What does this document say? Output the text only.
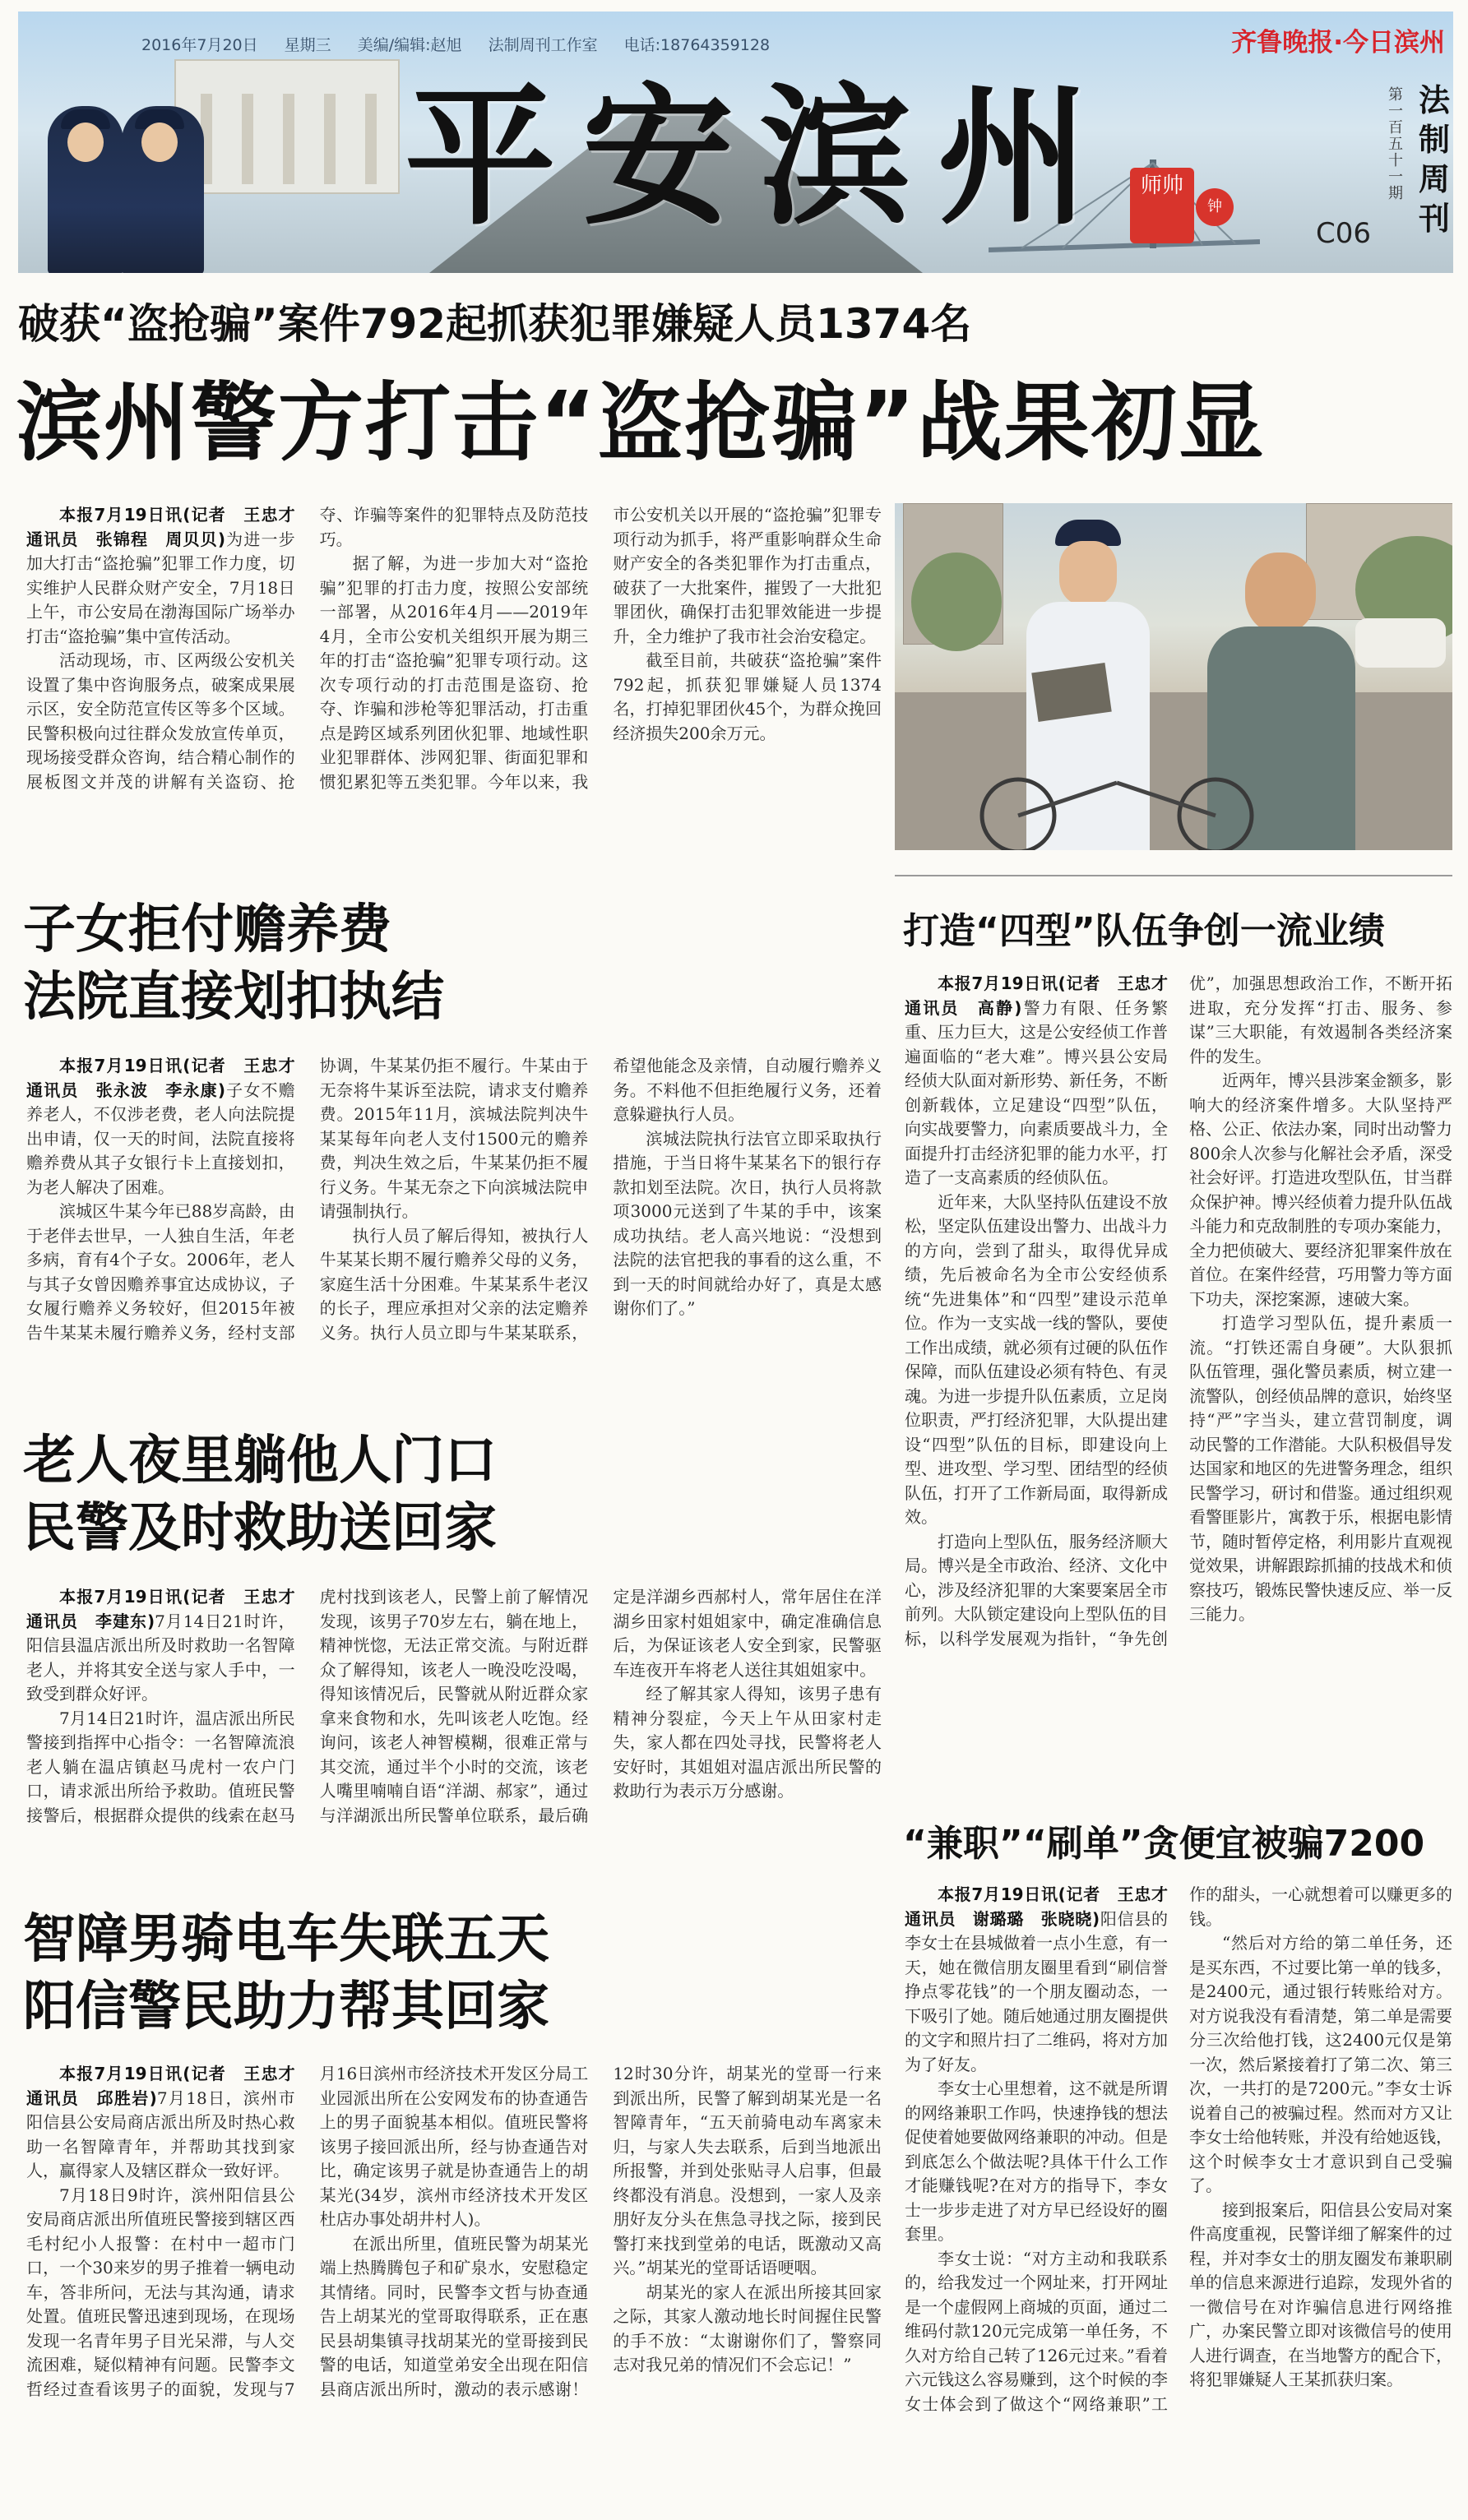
2016年7月20日 星期三 美编/编辑:赵旭 法制周刊工作室 电话:18764359128
平安滨州	师帅
钟
齐鲁晚报·今日滨州
法制周刊
第一百五十一期
C06
破获“盗抢骗”案件792起抓获犯罪嫌疑人员1374名
滨州警方打击“盗抢骗”战果初显

本报7月19日讯(记者　王忠才　通讯员　张锦程　周贝贝)为进一步加大打击“盗抢骗”犯罪工作力度，切实维护人民群众财产安全，7月18日上午，市公安局在渤海国际广场举办打击“盗抢骗”集中宣传活动。

活动现场，市、区两级公安机关设置了集中咨询服务点，破案成果展示区，安全防范宣传区等多个区域。民警积极向过往群众发放宣传单页，现场接受群众咨询，结合精心制作的展板图文并茂的讲解有关盗窃、抢夺、诈骗等案件的犯罪特点及防范技巧。

据了解，为进一步加大对“盗抢骗”犯罪的打击力度，按照公安部统一部署，从2016年4月——2019年4月，全市公安机关组织开展为期三年的打击“盗抢骗”犯罪专项行动。这次专项行动的打击范围是盗窃、抢夺、诈骗和涉枪等犯罪活动，打击重点是跨区域系列团伙犯罪、地域性职业犯罪群体、涉网犯罪、街面犯罪和惯犯累犯等五类犯罪。今年以来，我市公安机关以开展的“盗抢骗”犯罪专项行动为抓手，将严重影响群众生命财产安全的各类犯罪作为打击重点，破获了一大批案件，摧毁了一大批犯罪团伙，确保打击犯罪效能进一步提升，全力维护了我市社会治安稳定。

截至目前，共破获“盗抢骗”案件792起，抓获犯罪嫌疑人员1374名，打掉犯罪团伙45个，为群众挽回经济损失200余万元。

子女拒付赡养费
法院直接划扣执结

本报7月19日讯(记者　王忠才　通讯员　张永波　李永康)子女不赡养老人，不仅涉老费，老人向法院提出申请，仅一天的时间，法院直接将赡养费从其子女银行卡上直接划扣，为老人解决了困难。

滨城区牛某今年已88岁高龄，由于老伴去世早，一人独自生活，年老多病，育有4个子女。2006年，老人与其子女曾因赡养事宜达成协议，子女履行赡养义务较好，但2015年被告牛某某未履行赡养义务，经村支部协调，牛某某仍拒不履行。牛某由于无奈将牛某诉至法院，请求支付赡养费。2015年11月，滨城法院判决牛某某每年向老人支付1500元的赡养费，判决生效之后，牛某某仍拒不履行义务。牛某无奈之下向滨城法院申请强制执行。

执行人员了解后得知，被执行人牛某某长期不履行赡养父母的义务，家庭生活十分困难。牛某某系牛老汉的长子，理应承担对父亲的法定赡养义务。执行人员立即与牛某某联系，希望他能念及亲情，自动履行赡养义务。不料他不但拒绝履行义务，还着意躲避执行人员。

滨城法院执行法官立即采取执行措施，于当日将牛某某名下的银行存款扣划至法院。次日，执行人员将款项3000元送到了牛某的手中，该案成功执结。老人高兴地说：“没想到法院的法官把我的事看的这么重，不到一天的时间就给办好了，真是太感谢你们了。”

老人夜里躺他人门口
民警及时救助送回家

本报7月19日讯(记者　王忠才　通讯员　李建东)7月14日21时许，阳信县温店派出所及时救助一名智障老人，并将其安全送与家人手中，一致受到群众好评。

7月14日21时许，温店派出所民警接到指挥中心指令：一名智障流浪老人躺在温店镇赵马虎村一农户门口，请求派出所给予救助。值班民警接警后，根据群众提供的线索在赵马虎村找到该老人，民警上前了解情况发现，该男子70岁左右，躺在地上，精神恍惚，无法正常交流。与附近群众了解得知，该老人一晚没吃没喝，得知该情况后，民警就从附近群众家拿来食物和水，先叫该老人吃饱。经询问，该老人神智模糊，很难正常与其交流，通过半个小时的交流，该老人嘴里喃喃自语“洋湖、郝家”，通过与洋湖派出所民警单位联系，最后确定是洋湖乡西郝村人，常年居住在洋湖乡田家村姐姐家中，确定准确信息后，为保证该老人安全到家，民警驱车连夜开车将老人送往其姐姐家中。

经了解其家人得知，该男子患有精神分裂症，今天上午从田家村走失，家人都在四处寻找，民警将老人安好时，其姐姐对温店派出所民警的救助行为表示万分感谢。

智障男骑电车失联五天
阳信警民助力帮其回家

本报7月19日讯(记者　王忠才　通讯员　邱胜岩)7月18日，滨州市阳信县公安局商店派出所及时热心救助一名智障青年，并帮助其找到家人，赢得家人及辖区群众一致好评。

7月18日9时许，滨州阳信县公安局商店派出所值班民警接到辖区西毛村纪小人报警：在村中一超市门口，一个30来岁的男子推着一辆电动车，答非所问，无法与其沟通，请求处置。值班民警迅速到现场，在现场发现一名青年男子目光呆滞，与人交流困难，疑似精神有问题。民警李文哲经过查看该男子的面貌，发现与7月16日滨州市经济技术开发区分局工业园派出所在公安网发布的协查通告上的男子面貌基本相似。值班民警将该男子接回派出所，经与协查通告对比，确定该男子就是协查通告上的胡某光(34岁，滨州市经济技术开发区杜店办事处胡井村人)。

在派出所里，值班民警为胡某光端上热腾腾包子和矿泉水，安慰稳定其情绪。同时，民警李文哲与协查通告上胡某光的堂哥取得联系，正在惠民县胡集镇寻找胡某光的堂哥接到民警的电话，知道堂弟安全出现在阳信县商店派出所时，激动的表示感谢！12时30分许，胡某光的堂哥一行来到派出所，民警了解到胡某光是一名智障青年，“五天前骑电动车离家未归，与家人失去联系，后到当地派出所报警，并到处张贴寻人启事，但最终都没有消息。没想到，一家人及亲朋好友分头在焦急寻找之际，接到民警打来找到堂弟的电话，既激动又高兴。”胡某光的堂哥话语哽咽。

胡某光的家人在派出所接其回家之际，其家人激动地长时间握住民警的手不放：“太谢谢你们了，警察同志对我兄弟的情况们不会忘记！”

打造“四型”队伍争创一流业绩

本报7月19日讯(记者　王忠才　通讯员　高静)警力有限、任务繁重、压力巨大，这是公安经侦工作普遍面临的“老大难”。博兴县公安局经侦大队面对新形势、新任务，不断创新载体，立足建设“四型”队伍，向实战要警力，向素质要战斗力，全面提升打击经济犯罪的能力水平，打造了一支高素质的经侦队伍。

近年来，大队坚持队伍建设不放松，坚定队伍建设出警力、出战斗力的方向，尝到了甜头，取得优异成绩，先后被命名为全市公安经侦系统“先进集体”和“四型”建设示范单位。作为一支实战一线的警队，要使工作出成绩，就必须有过硬的队伍作保障，而队伍建设必须有特色、有灵魂。为进一步提升队伍素质，立足岗位职责，严打经济犯罪，大队提出建设“四型”队伍的目标，即建设向上型、进攻型、学习型、团结型的经侦队伍，打开了工作新局面，取得新成效。

打造向上型队伍，服务经济顺大局。博兴是全市政治、经济、文化中心，涉及经济犯罪的大案要案居全市前列。大队锁定建设向上型队伍的目标，以科学发展观为指针，“争先创优”，加强思想政治工作，不断开拓进取，充分发挥“打击、服务、参谋”三大职能，有效遏制各类经济案件的发生。

近两年，博兴县涉案金额多，影响大的经济案件增多。大队坚持严格、公正、依法办案，同时出动警力800余人次参与化解社会矛盾，深受社会好评。打造进攻型队伍，甘当群众保护神。博兴经侦着力提升队伍战斗能力和克敌制胜的专项办案能力，全力把侦破大、要经济犯罪案件放在首位。在案件经营，巧用警力等方面下功夫，深挖案源，速破大案。

打造学习型队伍，提升素质一流。“打铁还需自身硬”。大队狠抓队伍管理，强化警员素质，树立建一流警队，创经侦品牌的意识，始终坚持“严”字当头，建立营罚制度，调动民警的工作潜能。大队积极倡导发达国家和地区的先进警务理念，组织民警学习，研讨和借鉴。通过组织观看警匪影片，寓教于乐，根据电影情节，随时暂停定格，利用影片直观视觉效果，讲解跟踪抓捕的技战术和侦察技巧，锻炼民警快速反应、举一反三能力。

“兼职”“刷单”贪便宜被骗7200

本报7月19日讯(记者　王忠才　通讯员　谢璐璐　张晓晓)阳信县的李女士在县城做着一点小生意，有一天，她在微信朋友圈里看到“刷信誉挣点零花钱”的一个朋友圈动态，一下吸引了她。随后她通过朋友圈提供的文字和照片扫了二维码，将对方加为了好友。

李女士心里想着，这不就是所谓的网络兼职工作吗，快速挣钱的想法促使着她要做网络兼职的冲动。但是到底怎么个做法呢?具体干什么工作才能赚钱呢?在对方的指导下，李女士一步步走进了对方早已经设好的圈套里。

李女士说：“对方主动和我联系的，给我发过一个网址来，打开网址是一个虚假网上商城的页面，通过二维码付款120元完成第一单任务，不久对方给自己转了126元过来。”看着六元钱这么容易赚到，这个时候的李女士体会到了做这个“网络兼职”工作的甜头，一心就想着可以赚更多的钱。

“然后对方给的第二单任务，还是买东西，不过要比第一单的钱多，是2400元，通过银行转账给对方。对方说我没有看清楚，第二单是需要分三次给他打钱，这2400元仅是第一次，然后紧接着打了第二次、第三次，一共打的是7200元。”李女士诉说着自己的被骗过程。然而对方又让李女士给他转账，并没有给她返钱，这个时候李女士才意识到自己受骗了。

接到报案后，阳信县公安局对案件高度重视，民警详细了解案件的过程，并对李女士的朋友圈发布兼职刷单的信息来源进行追踪，发现外省的一微信号在对诈骗信息进行网络推广，办案民警立即对该微信号的使用人进行调查，在当地警方的配合下，将犯罪嫌疑人王某抓获归案。
